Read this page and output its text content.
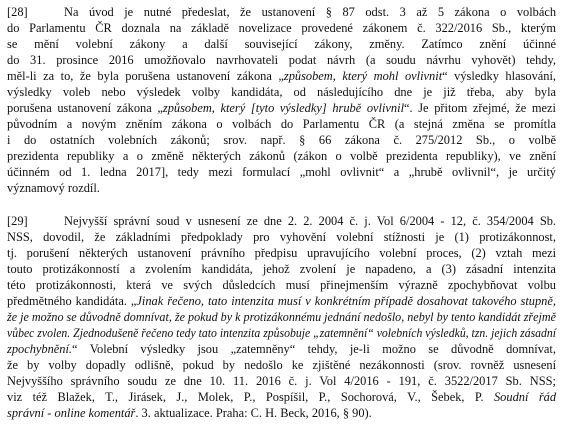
[28]	Na úvod je nutné předeslat, že ustanovení § 87 odst. 3 až 5 zákona o volbách
do Parlamentu ČR doznala na základě novelizace provedené zákonem č. 322/2016 Sb., kterým
se mění volební zákony a další související zákony, změny. Zatímco znění účinné
do 31. prosince 2016 umožňovalo navrhovateli podat návrh (a soudu návrhu vyhovět) tehdy,
měl-li za to, že byla porušena ustanovení zákona „způsobem, který mohl ovlivnit“ výsledky hlasování,
výsledky voleb nebo výsledek volby kandidáta, od následujícího dne je již třeba, aby byla
porušena ustanovení zákona „způsobem, který [tyto výsledky] hrubě ovlivnil“. Je přitom zřejmé, že mezi
původním a novým zněním zákona o volbách do Parlamentu ČR (a stejná změna se promítla
i do ostatních volebních zákonů; srov. např. § 66 zákona č. 275/2012 Sb., o volbě
prezidenta republiky a o změně některých zákonů (zákon o volbě prezidenta republiky), ve znění
účinném od 1. ledna 2017], tedy mezi formulací „mohl ovlivnit“ a „hrubě ovlivnil“, je určitý
významový rozdíl.
[29]	Nejvyšší správní soud v usnesení ze dne 2. 2. 2004 č. j. Vol 6/2004 - 12, č. 354/2004 Sb.
NSS, dovodil, že základními předpoklady pro vyhovění volební stížnosti je (1) protizákonnost,
tj. porušení některých ustanovení právního předpisu upravujícího volební proces, (2) vztah mezi
touto protizákonností a zvolením kandidáta, jehož zvolení je napadeno, a (3) zásadní intenzita
této protizákonnosti, která ve svých důsledcích musí přinejmenším výrazně zpochybňovat volbu
předmětného kandidáta. „Jinak řečeno, tato intenzita musí v konkrétním případě dosahovat takového stupně,
že je možno se důvodně domnívat, že pokud by k protizákonnému jednání nedošlo, nebyl by tento kandidát zřejmě
vůbec zvolen. Zjednodušeně řečeno tedy tato intenzita způsobuje „zatemnění“ volebních výsledků, tzn. jejich zásadní
zpochybnění.“ Volební výsledky jsou „zatemněny“ tehdy, je-li možno se důvodně domnívat,
že by volby dopadly odlišně, pokud by nedošlo ke zjištěné nezákonnosti (srov. rovněž usnesení
Nejvyššího správního soudu ze dne 10. 11. 2016 č. j. Vol 4/2016 - 191, č. 3522/2017 Sb. NSS;
viz též Blažek, T., Jirásek, J., Molek, P., Pospíšil, P., Sochorová, V., Šebek, P. Soudní řád
správní - online komentář. 3. aktualizace. Praha: C. H. Beck, 2016, § 90).
